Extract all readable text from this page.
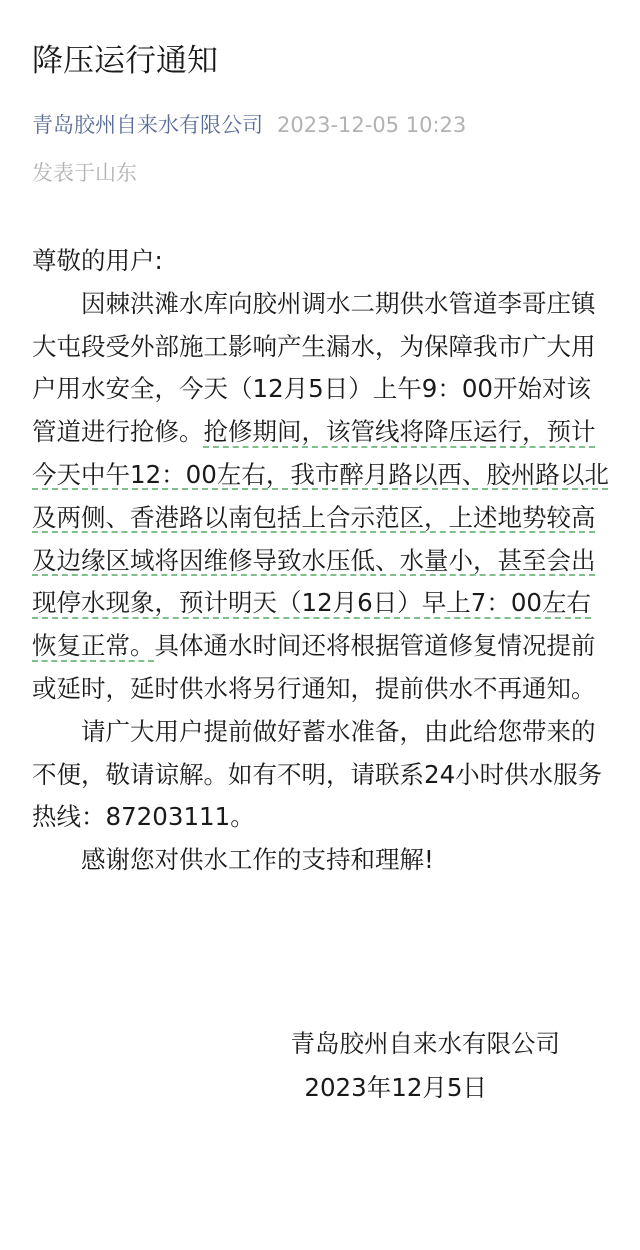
降压运行通知
青岛胶州自来水有限公司 2023-12-05 10:23
发表于山东

尊敬的用户:

因棘洪滩水库向胶州调水二期供水管道李哥庄镇大屯段受外部施工影响产生漏水，为保障我市广大用户用水安全，今天（12月5日）上午9：00开始对该管道进行抢修。抢修期间，该管线将降压运行，预计今天中午12：00左右，我市醉月路以西、胶州路以北及两侧、香港路以南包括上合示范区，上述地势较高及边缘区域将因维修导致水压低、水量小，甚至会出现停水现象，预计明天（12月6日）早上7：00左右恢复正常。具体通水时间还将根据管道修复情况提前或延时，延时供水将另行通知，提前供水不再通知。

请广大用户提前做好蓄水准备，由此给您带来的不便，敬请谅解。如有不明，请联系24小时供水服务热线：87203111。

感谢您对供水工作的支持和理解!

青岛胶州自来水有限公司
2023年12月5日
